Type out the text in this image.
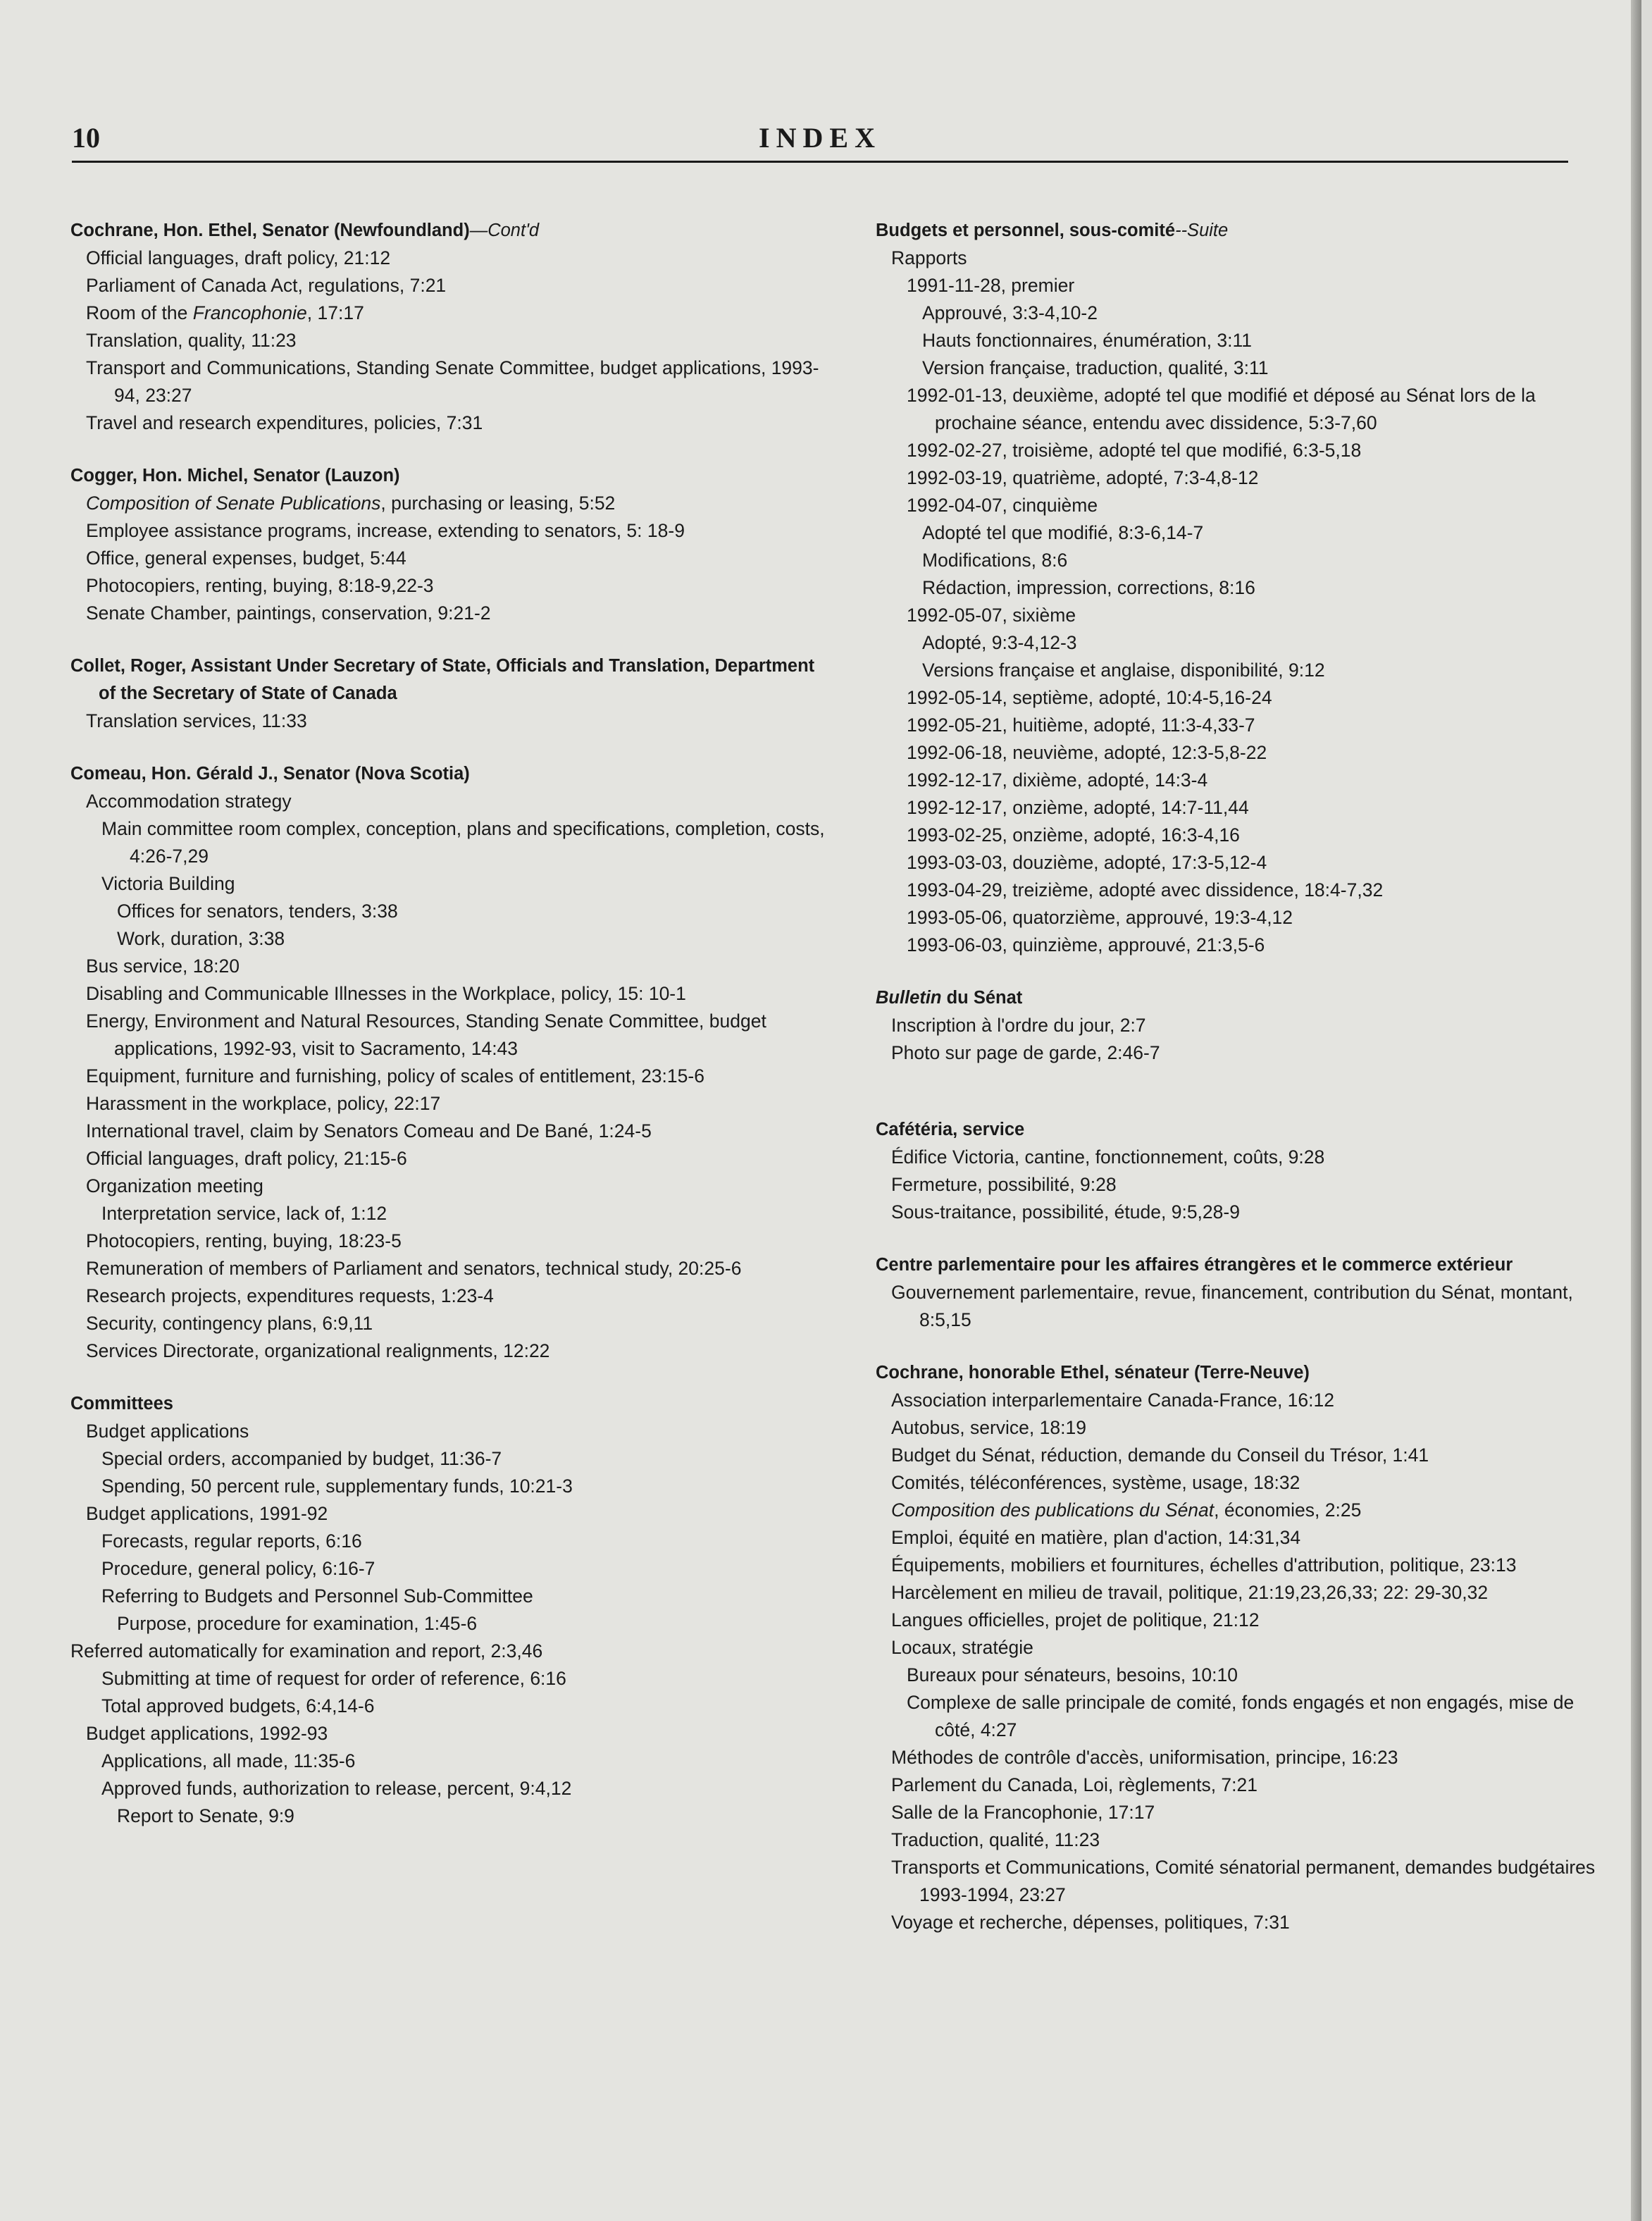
10	INDEX
Cochrane, Hon. Ethel, Senator (Newfoundland)—Cont'd
Official languages, draft policy, 21:12
Parliament of Canada Act, regulations, 7:21
Room of the Francophonie, 17:17
Translation, quality, 11:23
Transport and Communications, Standing Senate Committee, budget applications, 1993-94, 23:27
Travel and research expenditures, policies, 7:31
Cogger, Hon. Michel, Senator (Lauzon)
Composition of Senate Publications, purchasing or leasing, 5:52
Employee assistance programs, increase, extending to senators, 5: 18-9
Office, general expenses, budget, 5:44
Photocopiers, renting, buying, 8:18-9,22-3
Senate Chamber, paintings, conservation, 9:21-2
Collet, Roger, Assistant Under Secretary of State, Officials and Translation, Department of the Secretary of State of Canada
Translation services, 11:33
Comeau, Hon. Gérald J., Senator (Nova Scotia)
Accommodation strategy
Main committee room complex, conception, plans and specifications, completion, costs, 4:26-7,29
Victoria Building
Offices for senators, tenders, 3:38
Work, duration, 3:38
Bus service, 18:20
Disabling and Communicable Illnesses in the Workplace, policy, 15: 10-1
Energy, Environment and Natural Resources, Standing Senate Committee, budget applications, 1992-93, visit to Sacramento, 14:43
Equipment, furniture and furnishing, policy of scales of entitlement, 23:15-6
Harassment in the workplace, policy, 22:17
International travel, claim by Senators Comeau and De Bané, 1:24-5
Official languages, draft policy, 21:15-6
Organization meeting
Interpretation service, lack of, 1:12
Photocopiers, renting, buying, 18:23-5
Remuneration of members of Parliament and senators, technical study, 20:25-6
Research projects, expenditures requests, 1:23-4
Security, contingency plans, 6:9,11
Services Directorate, organizational realignments, 12:22
Committees
Budget applications
Special orders, accompanied by budget, 11:36-7
Spending, 50 percent rule, supplementary funds, 10:21-3
Budget applications, 1991-92
Forecasts, regular reports, 6:16
Procedure, general policy, 6:16-7
Referring to Budgets and Personnel Sub-Committee
Purpose, procedure for examination, 1:45-6
Referred automatically for examination and report, 2:3,46
Submitting at time of request for order of reference, 6:16
Total approved budgets, 6:4,14-6
Budget applications, 1992-93
Applications, all made, 11:35-6
Approved funds, authorization to release, percent, 9:4,12
Report to Senate, 9:9
Budgets et personnel, sous-comité--Suite
Rapports
1991-11-28, premier
Approuvé, 3:3-4,10-2
Hauts fonctionnaires, énumération, 3:11
Version française, traduction, qualité, 3:11
1992-01-13, deuxième, adopté tel que modifié et déposé au Sénat lors de la prochaine séance, entendu avec dissidence, 5:3-7,60
1992-02-27, troisième, adopté tel que modifié, 6:3-5,18
1992-03-19, quatrième, adopté, 7:3-4,8-12
1992-04-07, cinquième
Adopté tel que modifié, 8:3-6,14-7
Modifications, 8:6
Rédaction, impression, corrections, 8:16
1992-05-07, sixième
Adopté, 9:3-4,12-3
Versions française et anglaise, disponibilité, 9:12
1992-05-14, septième, adopté, 10:4-5,16-24
1992-05-21, huitième, adopté, 11:3-4,33-7
1992-06-18, neuvième, adopté, 12:3-5,8-22
1992-12-17, dixième, adopté, 14:3-4
1992-12-17, onzième, adopté, 14:7-11,44
1993-02-25, onzième, adopté, 16:3-4,16
1993-03-03, douzième, adopté, 17:3-5,12-4
1993-04-29, treizième, adopté avec dissidence, 18:4-7,32
1993-05-06, quatorzième, approuvé, 19:3-4,12
1993-06-03, quinzième, approuvé, 21:3,5-6
Bulletin du Sénat
Inscription à l'ordre du jour, 2:7
Photo sur page de garde, 2:46-7
Cafétéria, service
Édifice Victoria, cantine, fonctionnement, coûts, 9:28
Fermeture, possibilité, 9:28
Sous-traitance, possibilité, étude, 9:5,28-9
Centre parlementaire pour les affaires étrangères et le commerce extérieur
Gouvernement parlementaire, revue, financement, contribution du Sénat, montant, 8:5,15
Cochrane, honorable Ethel, sénateur (Terre-Neuve)
Association interparlementaire Canada-France, 16:12
Autobus, service, 18:19
Budget du Sénat, réduction, demande du Conseil du Trésor, 1:41
Comités, téléconférences, système, usage, 18:32
Composition des publications du Sénat, économies, 2:25
Emploi, équité en matière, plan d'action, 14:31,34
Équipements, mobiliers et fournitures, échelles d'attribution, politique, 23:13
Harcèlement en milieu de travail, politique, 21:19,23,26,33; 22: 29-30,32
Langues officielles, projet de politique, 21:12
Locaux, stratégie
Bureaux pour sénateurs, besoins, 10:10
Complexe de salle principale de comité, fonds engagés et non engagés, mise de côté, 4:27
Méthodes de contrôle d'accès, uniformisation, principe, 16:23
Parlement du Canada, Loi, règlements, 7:21
Salle de la Francophonie, 17:17
Traduction, qualité, 11:23
Transports et Communications, Comité sénatorial permanent, demandes budgétaires 1993-1994, 23:27
Voyage et recherche, dépenses, politiques, 7:31
